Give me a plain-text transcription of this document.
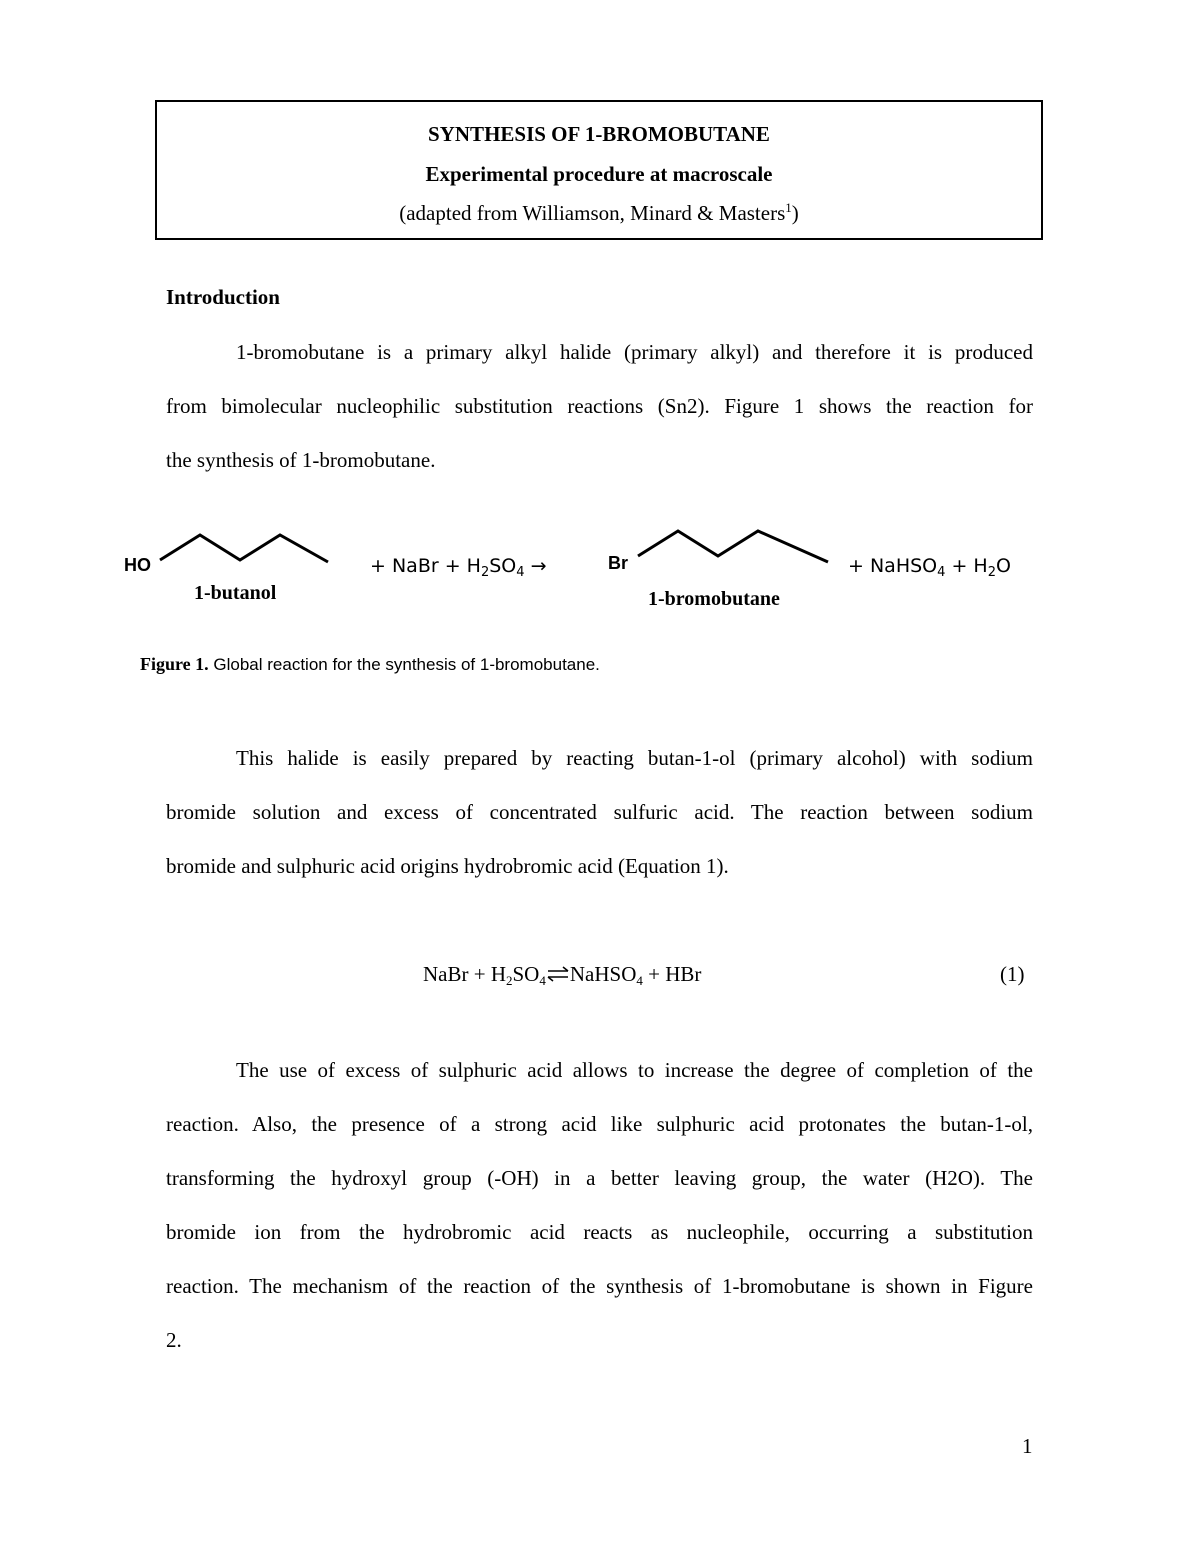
SYNTHESIS OF 1-BROMOBUTANE
Experimental procedure at macroscale
(adapted from Williamson, Minard & Masters$^1$)
Introduction
1-bromobutane is a primary alkyl halide (primary alkyl) and therefore it is produced
from bimolecular nucleophilic substitution reactions (Sn2). Figure 1 shows the reaction for
the synthesis of 1-bromobutane.
HO
1-butanol
+ NaBr + $H_2SO_4$ →	Br
1-bromobutane
+ NaHSO$_4$ + $H_2O$
Figure 1. Global reaction for the synthesis of 1-bromobutane.
This halide is easily prepared by reacting butan-1-ol (primary alcohol) with sodium
bromide solution and excess of concentrated sulfuric acid. The reaction between sodium
bromide and sulphuric acid origins hydrobromic acid (Equation 1).
NaBr + $H_2SO_4\rightleftharpoons NaHSO_4$ + HBr	(1)
The use of excess of sulphuric acid allows to increase the degree of completion of the
reaction. Also, the presence of a strong acid like sulphuric acid protonates the butan-1-ol,
transforming the hydroxyl group (-OH) in a better leaving group, the water (H2O). The
bromide ion from the hydrobromic acid reacts as nucleophile, occurring a substitution
reaction. The mechanism of the reaction of the synthesis of 1-bromobutane is shown in Figure
2.
1
